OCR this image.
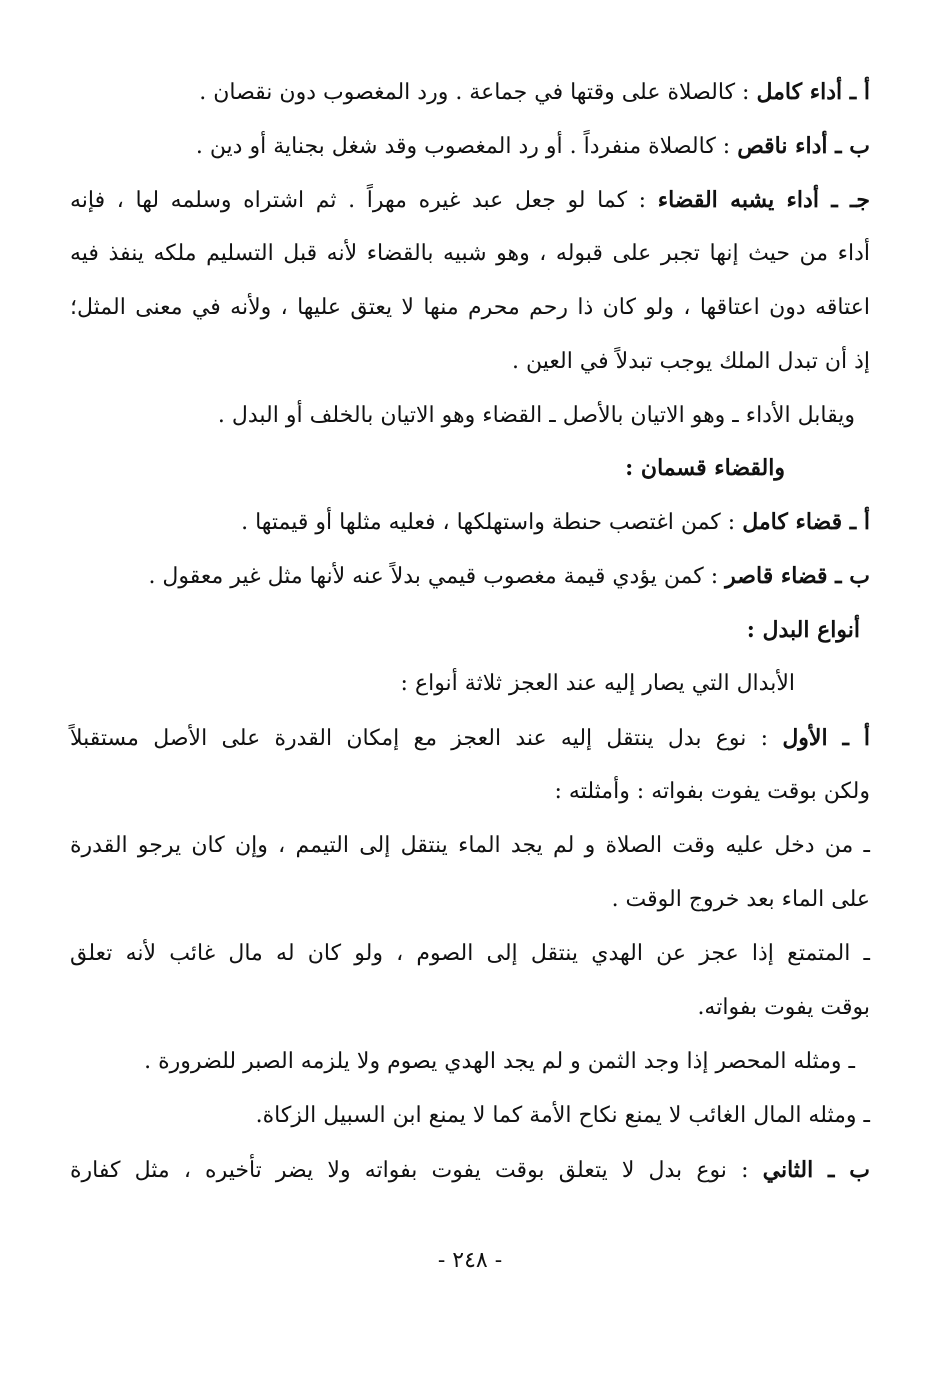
أ ـ أداء كامل : كالصلاة على وقتها في جماعة . ورد المغصوب دون نقصان .
ب ـ أداء ناقص : كالصلاة منفرداً . أو رد المغصوب وقد شغل بجناية أو دين .
جـ ـ أداء يشبه القضاء : كما لو جعل عبد غيره مهراً . ثم اشتراه وسلمه لها ، فإنه
أداء من حيث إنها تجبر على قبوله ، وهو شبيه بالقضاء لأنه قبل التسليم ملكه ينفذ فيه
اعتاقه دون اعتاقها ، ولو كان ذا رحم محرم منها لا يعتق عليها ، ولأنه في معنى المثل؛
إذ أن تبدل الملك يوجب تبدلاً في العين .
ويقابل الأداء ـ وهو الاتيان بالأصل ـ القضاء وهو الاتيان بالخلف أو البدل .
والقضاء قسمان :
أ ـ قضاء كامل : كمن اغتصب حنطة واستهلكها ، فعليه مثلها أو قيمتها .
ب ـ قضاء قاصر : كمن يؤدي قيمة مغصوب قيمي بدلاً عنه لأنها مثل غير معقول .
أنواع البدل :
الأبدال التي يصار إليه عند العجز ثلاثة أنواع :
أ ـ الأول : نوع بدل ينتقل إليه عند العجز مع إمكان القدرة على الأصل مستقبلاً
ولكن بوقت يفوت بفواته : وأمثلته :
ـ من دخل عليه وقت الصلاة و لم يجد الماء ينتقل إلى التيمم ، وإن كان يرجو القدرة
على الماء بعد خروج الوقت .
ـ المتمتع إذا عجز عن الهدي ينتقل إلى الصوم ، ولو كان له مال غائب لأنه تعلق
بوقت يفوت بفواته.
ـ ومثله المحصر إذا وجد الثمن و لم يجد الهدي يصوم ولا يلزمه الصبر للضرورة .
ـ ومثله المال الغائب لا يمنع نكاح الأمة كما لا يمنع ابن السبيل الزكاة.
ب ـ الثاني : نوع بدل لا يتعلق بوقت يفوت بفواته ولا يضر تأخيره ، مثل كفارة
- ٢٤٨ -
